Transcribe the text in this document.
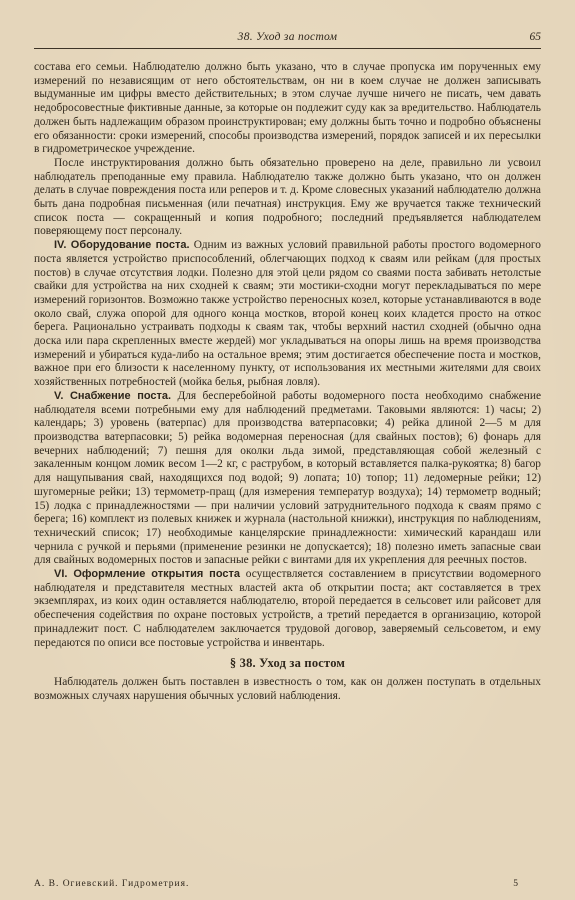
38. Уход за постом	65

состава его семьи. Наблюдателю должно быть указано, что в случае пропуска им порученных ему измерений по независящим от него обстоятельствам, он ни в коем случае не должен записывать выдуманные им цифры вместо действительных; в этом случае лучше ничего не писать, чем давать недобросовестные фиктивные данные, за которые он подлежит суду как за вредительство. Наблюдатель должен быть надлежащим образом проинструктирован; ему должны быть точно и подробно объяснены его обязанности: сроки измерений, способы производства измерений, порядок записей и их пересылки в гидрометрическое учреждение.

После инструктирования должно быть обязательно проверено на деле, правильно ли усвоил наблюдатель преподанные ему правила. Наблюдателю также должно быть указано, что он должен делать в случае повреждения поста или реперов и т. д. Кроме словесных указаний наблюдателю должна быть дана подробная письменная (или печатная) инструкция. Ему же вручается также технический список поста — сокращенный и копия подробного; последний предъявляется наблюдателем поверяющему пост персоналу.

IV. Оборудование поста. Одним из важных условий правильной работы простого водомерного поста является устройство приспособлений, облегчающих подход к сваям или рейкам (для простых постов) в случае отсутствия лодки. Полезно для этой цели рядом со сваями поста забивать нетолстые свайки для устройства на них сходней к сваям; эти мостики-сходни могут перекладываться по мере измерений горизонтов. Возможно также устройство переносных козел, которые устанавливаются в воде около свай, служа опорой для одного конца мостков, второй конец коих кладется просто на откос берега. Рационально устраивать подходы к сваям так, чтобы верхний настил сходней (обычно одна доска или пара скрепленных вместе жердей) мог укладываться на опоры лишь на время производства измерений и убираться куда-либо на остальное время; этим достигается обеспечение поста и мостков, важное при его близости к населенному пункту, от использования их местными жителями для своих хозяйственных потребностей (мойка белья, рыбная ловля).

V. Снабжение поста. Для бесперебойной работы водомерного поста необходимо снабжение наблюдателя всеми потребными ему для наблюдений предметами. Таковыми являются: 1) часы; 2) календарь; 3) уровень (ватерпас) для производства ватерпасовки; 4) рейка длиной 2—5 м для производства ватерпасовки; 5) рейка водомерная переносная (для свайных постов); 6) фонарь для вечерних наблюдений; 7) пешня для околки льда зимой, представляющая собой железный с закаленным концом ломик весом 1—2 кг, с раструбом, в который вставляется палка-рукоятка; 8) багор для нащупывания свай, находящихся под водой; 9) лопата; 10) топор; 11) ледомерные рейки; 12) шугомерные рейки; 13) термометр-пращ (для измерения температур воздуха); 14) термометр водный; 15) лодка с принадлежностями — при наличии условий затруднительного подхода к сваям прямо с берега; 16) комплект из полевых книжек и журнала (настольной книжки), инструкция по наблюдениям, технический список; 17) необходимые канцелярские принадлежности: химический карандаш или чернила с ручкой и перьями (применение резинки не допускается); 18) полезно иметь запасные сваи для свайных водомерных постов и запасные рейки с винтами для их укрепления для реечных постов.

VI. Оформление открытия поста осуществляется составлением в присутствии водомерного наблюдателя и представителя местных властей акта об открытии поста; акт составляется в трех экземплярах, из коих один оставляется наблюдателю, второй передается в сельсовет или райсовет для обеспечения содействия по охране постовых устройств, а третий передается в организацию, которой принадлежит пост. С наблюдателем заключается трудовой договор, заверяемый сельсоветом, и ему передаются по описи все постовые устройства и инвентарь.

§ 38. Уход за постом

Наблюдатель должен быть поставлен в известность о том, как он должен поступать в отдельных возможных случаях нарушения обычных условий наблюдения.

А. В. Огиевский. Гидрометрия.	5
